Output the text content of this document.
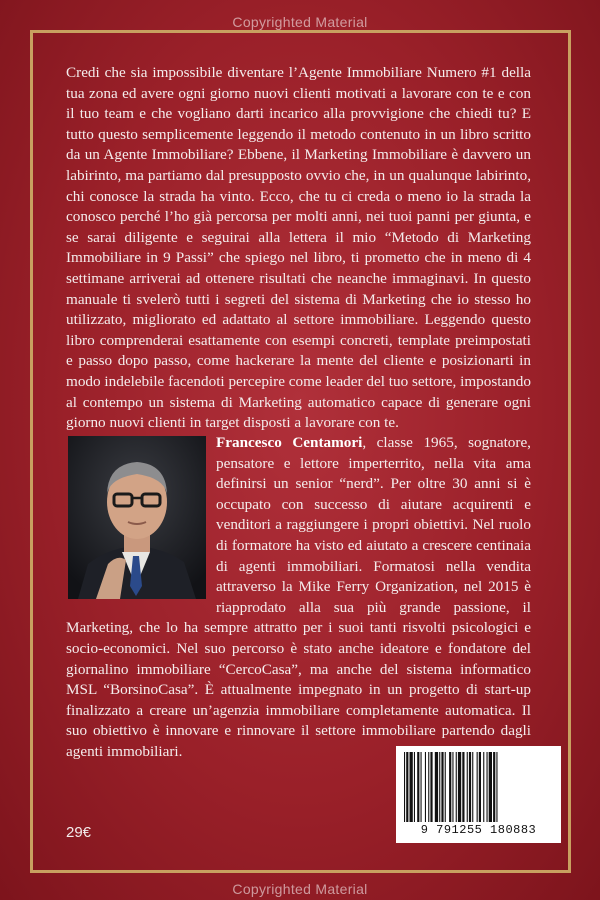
Copyrighted Material

Credi che sia impossibile diventare l’Agente Immobiliare Numero #1 della tua zona ed avere ogni giorno nuovi clienti motivati a lavorare con te e con il tuo team e che vogliano darti incarico alla provvigione che chiedi tu? E tutto questo semplicemente leggendo il metodo contenuto in un libro scritto da un Agente Immobiliare? Ebbene, il Marketing Immobiliare è davvero un labirinto, ma partiamo dal presupposto ovvio che, in un qualunque labirinto, chi conosce la strada ha vinto. Ecco, che tu ci creda o meno io la strada la conosco perché l’ho già percorsa per molti anni, nei tuoi panni per giunta, e se sarai diligente e seguirai alla lettera il mio “Metodo di Marketing Immobiliare in 9 Passi” che spiego nel libro, ti prometto che in meno di 4 settimane arriverai ad ottenere risultati che neanche immaginavi. In questo manuale ti svelerò tutti i segreti del sistema di Marketing che io stesso ho utilizzato, migliorato ed adattato al settore immobiliare. Leggendo questo libro comprenderai esattamente con esempi concreti, template preimpostati e passo dopo passo, come hackerare la mente del cliente e posizionarti in modo indelebile facendoti percepire come leader del tuo settore, impostando al contempo un sistema di Marketing automatico capace di generare ogni giorno nuovi clienti in target disposti a lavorare con te.

Francesco Centamori, classe 1965, sognatore, pensatore e lettore imperterrito, nella vita ama definirsi un senior “nerd”. Per oltre 30 anni si è occupato con successo di aiutare acquirenti e venditori a raggiungere i propri obiettivi. Nel ruolo di formatore ha visto ed aiutato a crescere centinaia di agenti immobiliari. Formatosi nella vendita attraverso la Mike Ferry Organization, nel 2015 è riapprodato alla sua più grande passione, il Marketing, che lo ha sempre attratto per i suoi tanti risvolti psicologici e socio-economici. Nel suo percorso è stato anche ideatore e fondatore del giornalino immobiliare “CercoCasa”, ma anche del sistema informatico MSL “BorsinoCasa”. È attualmente impegnato in un progetto di start-up finalizzato a creare un’agenzia immobiliare completamente automatica. Il suo obiettivo è innovare e rinnovare il settore immobiliare partendo dagli agenti immobiliari.

29€	9 791255 180883
Copyrighted Material
